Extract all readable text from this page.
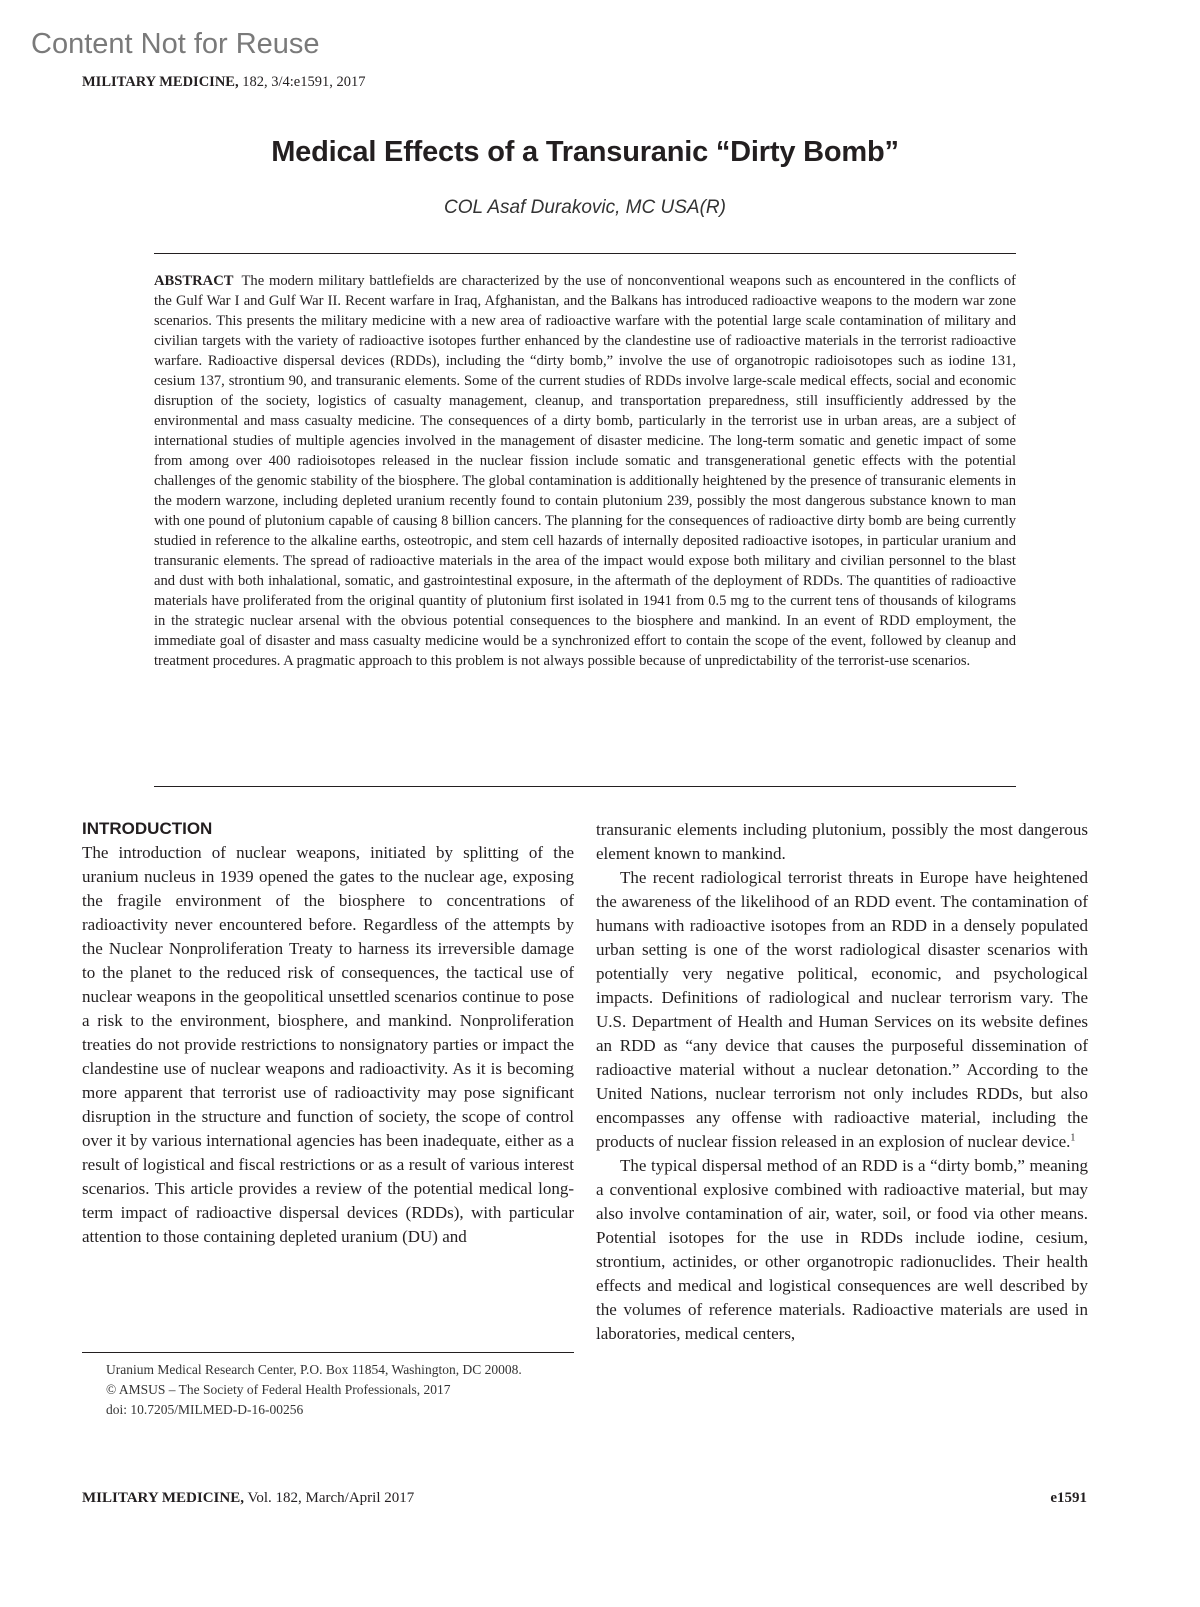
Content Not for Reuse
MILITARY MEDICINE, 182, 3/4:e1591, 2017
Medical Effects of a Transuranic “Dirty Bomb”
COL Asaf Durakovic, MC USA(R)
ABSTRACT The modern military battlefields are characterized by the use of nonconventional weapons such as encountered in the conflicts of the Gulf War I and Gulf War II. Recent warfare in Iraq, Afghanistan, and the Balkans has introduced radioactive weapons to the modern war zone scenarios. This presents the military medicine with a new area of radioactive warfare with the potential large scale contamination of military and civilian targets with the variety of radioactive isotopes further enhanced by the clandestine use of radioactive materials in the terrorist radioactive warfare. Radioactive dispersal devices (RDDs), including the “dirty bomb,” involve the use of organotropic radioisotopes such as iodine 131, cesium 137, strontium 90, and transuranic elements. Some of the current studies of RDDs involve large-scale medical effects, social and economic disruption of the society, logistics of casualty management, cleanup, and transportation preparedness, still insufficiently addressed by the environmental and mass casualty medicine. The consequences of a dirty bomb, particularly in the terrorist use in urban areas, are a subject of international studies of multiple agencies involved in the management of disaster medicine. The long-term somatic and genetic impact of some from among over 400 radioisotopes released in the nuclear fission include somatic and transgenerational genetic effects with the potential challenges of the genomic stability of the biosphere. The global contamination is additionally heightened by the presence of transuranic elements in the modern warzone, including depleted uranium recently found to contain plutonium 239, possibly the most dangerous substance known to man with one pound of plutonium capable of causing 8 billion cancers. The planning for the consequences of radioactive dirty bomb are being currently studied in reference to the alkaline earths, osteotropic, and stem cell hazards of internally deposited radioactive isotopes, in particular uranium and transuranic elements. The spread of radioactive materials in the area of the impact would expose both military and civilian personnel to the blast and dust with both inhalational, somatic, and gastrointestinal exposure, in the aftermath of the deployment of RDDs. The quantities of radioactive materials have proliferated from the original quantity of plutonium first isolated in 1941 from 0.5 mg to the current tens of thousands of kilograms in the strategic nuclear arsenal with the obvious potential consequences to the biosphere and mankind. In an event of RDD employment, the immediate goal of disaster and mass casualty medicine would be a synchronized effort to contain the scope of the event, followed by cleanup and treatment procedures. A pragmatic approach to this problem is not always possible because of unpredictability of the terrorist-use scenarios.
INTRODUCTION

The introduction of nuclear weapons, initiated by splitting of the uranium nucleus in 1939 opened the gates to the nuclear age, exposing the fragile environment of the biosphere to concentrations of radioactivity never encountered before. Regardless of the attempts by the Nuclear Nonproliferation Treaty to harness its irreversible damage to the planet to the reduced risk of consequences, the tactical use of nuclear weapons in the geopolitical unsettled scenarios continue to pose a risk to the environment, biosphere, and mankind. Nonproliferation treaties do not provide restrictions to nonsignatory parties or impact the clandestine use of nuclear weapons and radioactivity. As it is becoming more apparent that terrorist use of radioactivity may pose significant disruption in the structure and function of society, the scope of control over it by various international agencies has been inadequate, either as a result of logistical and fiscal restrictions or as a result of various interest scenarios. This article provides a review of the potential medical long-term impact of radioactive dispersal devices (RDDs), with particular attention to those containing depleted uranium (DU) and

transuranic elements including plutonium, possibly the most dangerous element known to mankind.

The recent radiological terrorist threats in Europe have heightened the awareness of the likelihood of an RDD event. The contamination of humans with radioactive isotopes from an RDD in a densely populated urban setting is one of the worst radiological disaster scenarios with potentially very negative political, economic, and psychological impacts. Definitions of radiological and nuclear terrorism vary. The U.S. Department of Health and Human Services on its website defines an RDD as “any device that causes the purposeful dissemination of radioactive material without a nuclear detonation.” According to the United Nations, nuclear terrorism not only includes RDDs, but also encompasses any offense with radioactive material, including the products of nuclear fission released in an explosion of nuclear device.$^1$

The typical dispersal method of an RDD is a “dirty bomb,” meaning a conventional explosive combined with radioactive material, but may also involve contamination of air, water, soil, or food via other means. Potential isotopes for the use in RDDs include iodine, cesium, strontium, actinides, or other organotropic radionuclides. Their health effects and medical and logistical consequences are well described by the volumes of reference materials. Radioactive materials are used in laboratories, medical centers,

Uranium Medical Research Center, P.O. Box 11854, Washington, DC 20008.

© AMSUS – The Society of Federal Health Professionals, 2017

doi: 10.7205/MILMED-D-16-00256

MILITARY MEDICINE, Vol. 182, March/April 2017	e1591
